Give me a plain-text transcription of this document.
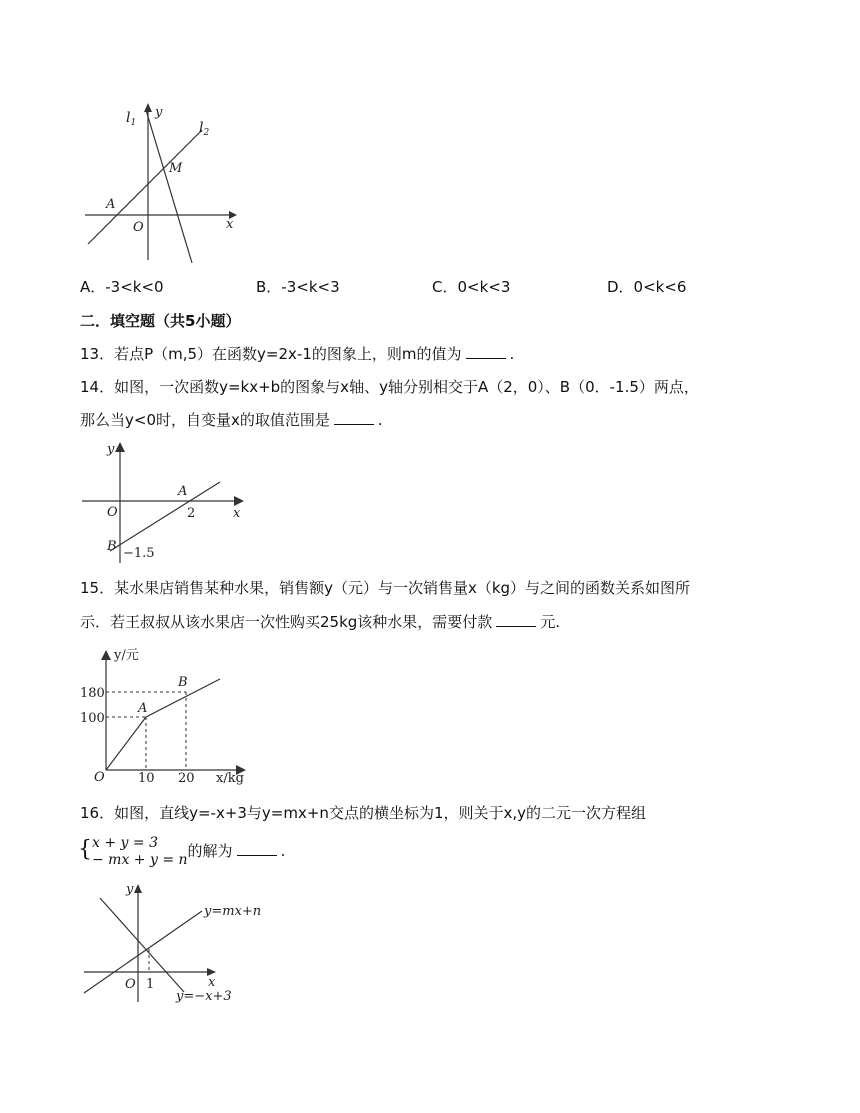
$l_1$
y
$l_2$
M
A
O	x
A．-3<k<0	B．-3<k<3	C．0<k<3	D．0<k<6
二．填空题（共5小题）
13．若点P（m,5）在函数y=2x-1的图象上，则m的值为	.
14．如图，一次函数y=kx+b的图象与x轴、y轴分别相交于A（2，0）、B（0．-1.5）两点，
那么当y<0时，自变量x的取值范围是	.
y
A
O	2	x
B −1.5
15．某水果店销售某种水果，销售额y（元）与一次销售量x（kg）与之间的函数关系如图所
示．若王叔叔从该水果店一次性购买25kg该种水果，需要付款	元.
y/元
B
180
A
100
O	10 20 x/kg
16．如图，直线y=-x+3与y=mx+n交点的横坐标为1，则关于x,y的二元一次方程组
{ x + y = 3
− mx + y = n 的解为	.
y
y=mx+n
x
O 1
y=−x+3
